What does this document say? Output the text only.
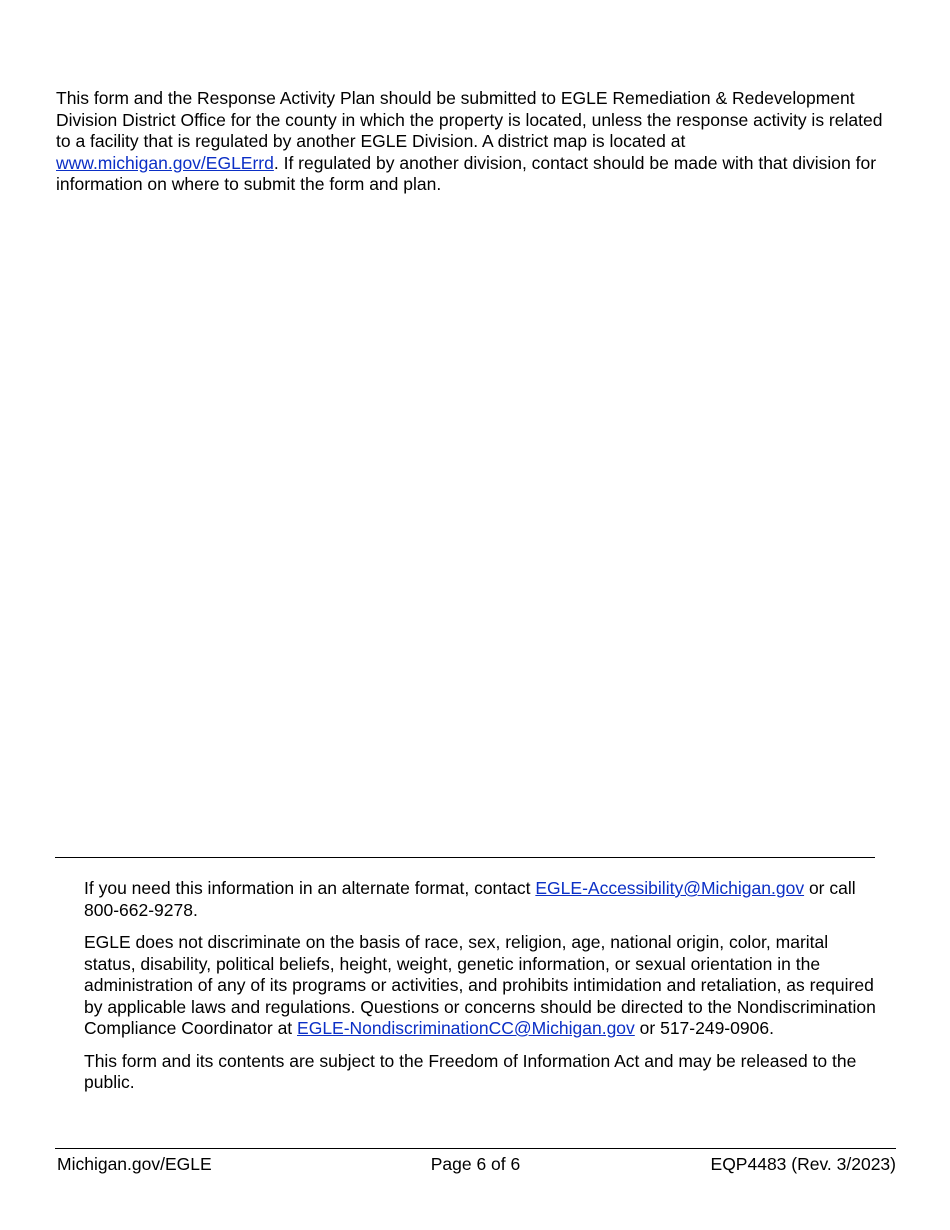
This form and the Response Activity Plan should be submitted to EGLE Remediation & Redevelopment Division District Office for the county in which the property is located, unless the response activity is related to a facility that is regulated by another EGLE Division. A district map is located at www.michigan.gov/EGLErrd. If regulated by another division, contact should be made with that division for information on where to submit the form and plan.

If you need this information in an alternate format, contact EGLE-Accessibility@Michigan.gov or call 800-662-9278.

EGLE does not discriminate on the basis of race, sex, religion, age, national origin, color, marital status, disability, political beliefs, height, weight, genetic information, or sexual orientation in the administration of any of its programs or activities, and prohibits intimidation and retaliation, as required by applicable laws and regulations. Questions or concerns should be directed to the Nondiscrimination Compliance Coordinator at EGLE-NondiscriminationCC@Michigan.gov or 517-249-0906.

This form and its contents are subject to the Freedom of Information Act and may be released to the public.

Michigan.gov/EGLE	Page 6 of 6	EQP4483 (Rev. 3/2023)
